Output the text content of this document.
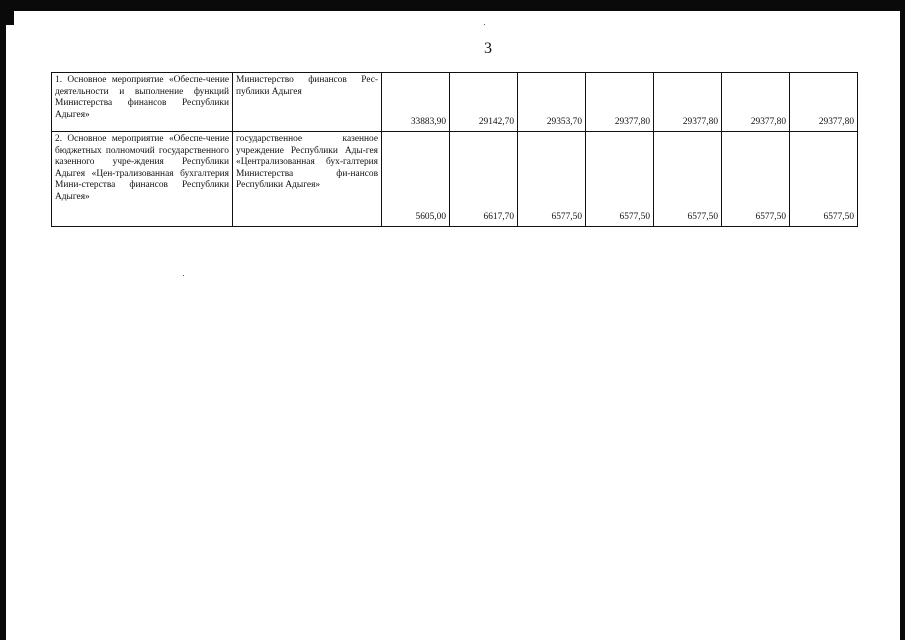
3
1. Основное мероприятие «Обеспе-чение деятельности и выполнение функций Министерства финансов Республики Адыгея»	Министерство финансов Рес-публики Адыгея	33883,90	29142,70	29353,70	29377,80	29377,80	29377,80	29377,80
2. Основное мероприятие «Обеспе-чение бюджетных полномочий государственного казенного учре-ждения Республики Адыгея «Цен-трализованная бухгалтерия Мини-стерства финансов Республики Адыгея»	государственное казенное учреждение Республики Ады-гея «Централизованная бух-галтерия Министерства фи-нансов Республики Адыгея»	5605,00	6617,70	6577,50	6577,50	6577,50	6577,50	6577,50
